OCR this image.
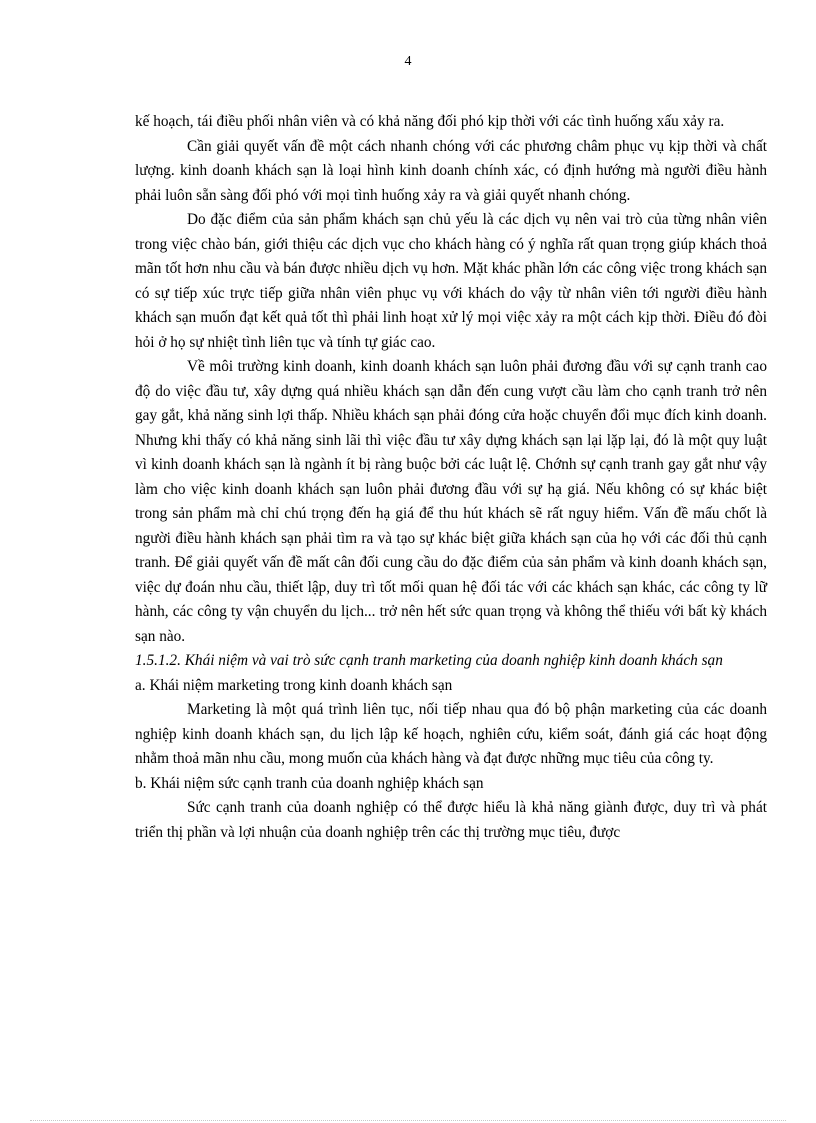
4

kế hoạch, tái điều phối nhân viên và có khả năng đối phó kịp thời với các tình huống xấu xảy ra.

Cần giải quyết vấn đề một cách nhanh chóng với các phương châm phục vụ kịp thời và chất lượng. kinh doanh khách sạn là loại hình kinh doanh chính xác, có định hướng mà người điều hành phải luôn sẵn sàng đối phó với mọi tình huống xảy ra và giải quyết nhanh chóng.

Do đặc điểm của sản phẩm khách sạn chủ yếu là các dịch vụ nên vai trò của từng nhân viên trong việc chào bán, giới thiệu các dịch vục cho khách hàng có ý nghĩa rất quan trọng giúp khách thoả mãn tốt hơn nhu cầu và bán được nhiều dịch vụ hơn. Mặt khác phần lớn các công việc trong khách sạn có sự tiếp xúc trực tiếp giữa nhân viên phục vụ với khách do vậy từ nhân viên tới người điều hành khách sạn muốn đạt kết quả tốt thì phải linh hoạt xử lý mọi việc xảy ra một cách kịp thời. Điều đó đòi hỏi ở họ sự nhiệt tình liên tục và tính tự giác cao.

Về môi trường kinh doanh, kinh doanh khách sạn luôn phải đương đầu với sự cạnh tranh cao độ do việc đầu tư, xây dựng quá nhiều khách sạn dẫn đến cung vượt cầu làm cho cạnh tranh trở nên gay gắt, khả năng sinh lợi thấp. Nhiều khách sạn phải đóng cửa hoặc chuyển đổi mục đích kinh doanh. Nhưng khi thấy có khả năng sinh lãi thì việc đầu tư xây dựng khách sạn lại lặp lại, đó là một quy luật vì kinh doanh khách sạn là ngành ít bị ràng buộc bởi các luật lệ. Chớnh sự cạnh tranh gay gắt như vậy làm cho việc kinh doanh khách sạn luôn phải đương đầu với sự hạ giá. Nếu không có sự khác biệt trong sản phẩm mà chỉ chú trọng đến hạ giá để thu hút khách sẽ rất nguy hiểm. Vấn đề mấu chốt là người điều hành khách sạn phải tìm ra và tạo sự khác biệt giữa khách sạn của họ với các đối thủ cạnh tranh. Để giải quyết vấn đề mất cân đối cung cầu do đặc điểm của sản phẩm và kinh doanh khách sạn, việc dự đoán nhu cầu, thiết lập, duy trì tốt mối quan hệ đối tác với các khách sạn khác, các công ty lữ hành, các công ty vận chuyển du lịch... trở nên hết sức quan trọng và không thể thiếu với bất kỳ khách sạn nào.

1.5.1.2. Khái niệm và vai trò sức cạnh tranh marketing của doanh nghiệp kinh doanh khách sạn

a. Khái niệm marketing trong kinh doanh khách sạn

Marketing là một quá trình liên tục, nối tiếp nhau qua đó bộ phận marketing của các doanh nghiệp kinh doanh khách sạn, du lịch lập kế hoạch, nghiên cứu, kiểm soát, đánh giá các hoạt động nhằm thoả mãn nhu cầu, mong muốn của khách hàng và đạt được những mục tiêu của công ty.

b. Khái niệm sức cạnh tranh của doanh nghiệp khách sạn

Sức cạnh tranh của doanh nghiệp có thể được hiểu là khả năng giành được, duy trì và phát triển thị phần và lợi nhuận của doanh nghiệp trên các thị trường mục tiêu, được
